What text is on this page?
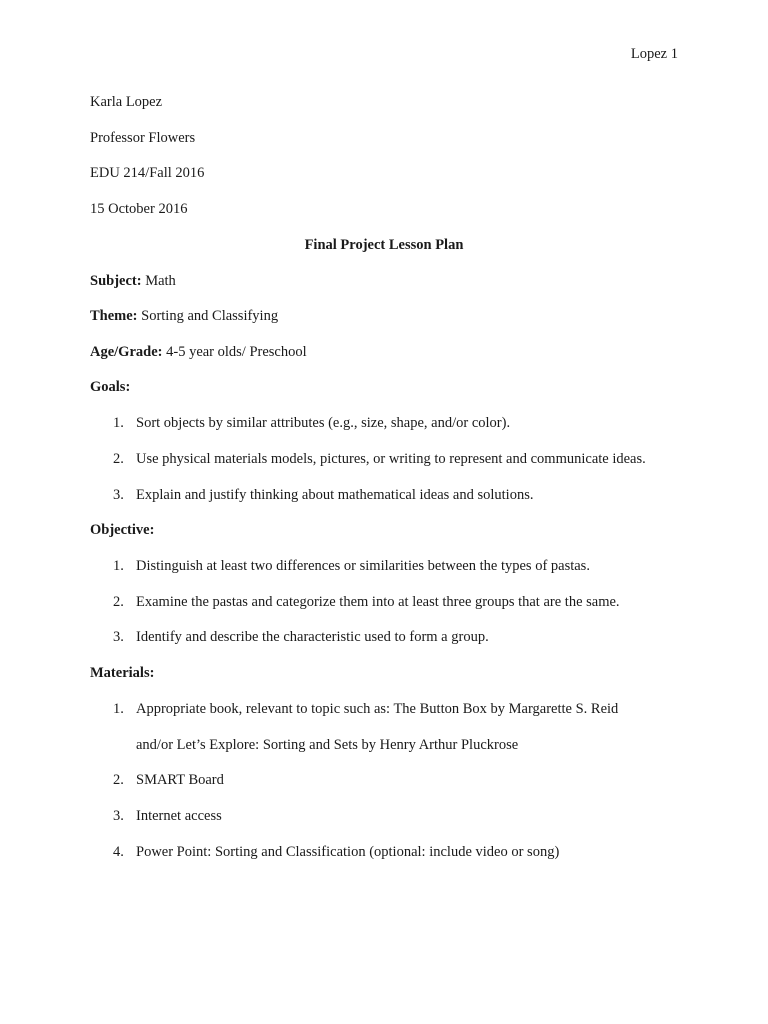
Lopez 1
Karla Lopez
Professor Flowers
EDU 214/Fall 2016
15 October 2016
Final Project Lesson Plan
Subject: Math
Theme: Sorting and Classifying
Age/Grade: 4-5 year olds/ Preschool
Goals:
1. Sort objects by similar attributes (e.g., size, shape, and/or color).
2. Use physical materials models, pictures, or writing to represent and communicate ideas.
3. Explain and justify thinking about mathematical ideas and solutions.
Objective:
1. Distinguish at least two differences or similarities between the types of pastas.
2. Examine the pastas and categorize them into at least three groups that are the same.
3. Identify and describe the characteristic used to form a group.
Materials:
1. Appropriate book, relevant to topic such as: The Button Box by Margarette S. Reid
and/or Let’s Explore: Sorting and Sets by Henry Arthur Pluckrose
2. SMART Board
3. Internet access
4. Power Point: Sorting and Classification (optional: include video or song)
